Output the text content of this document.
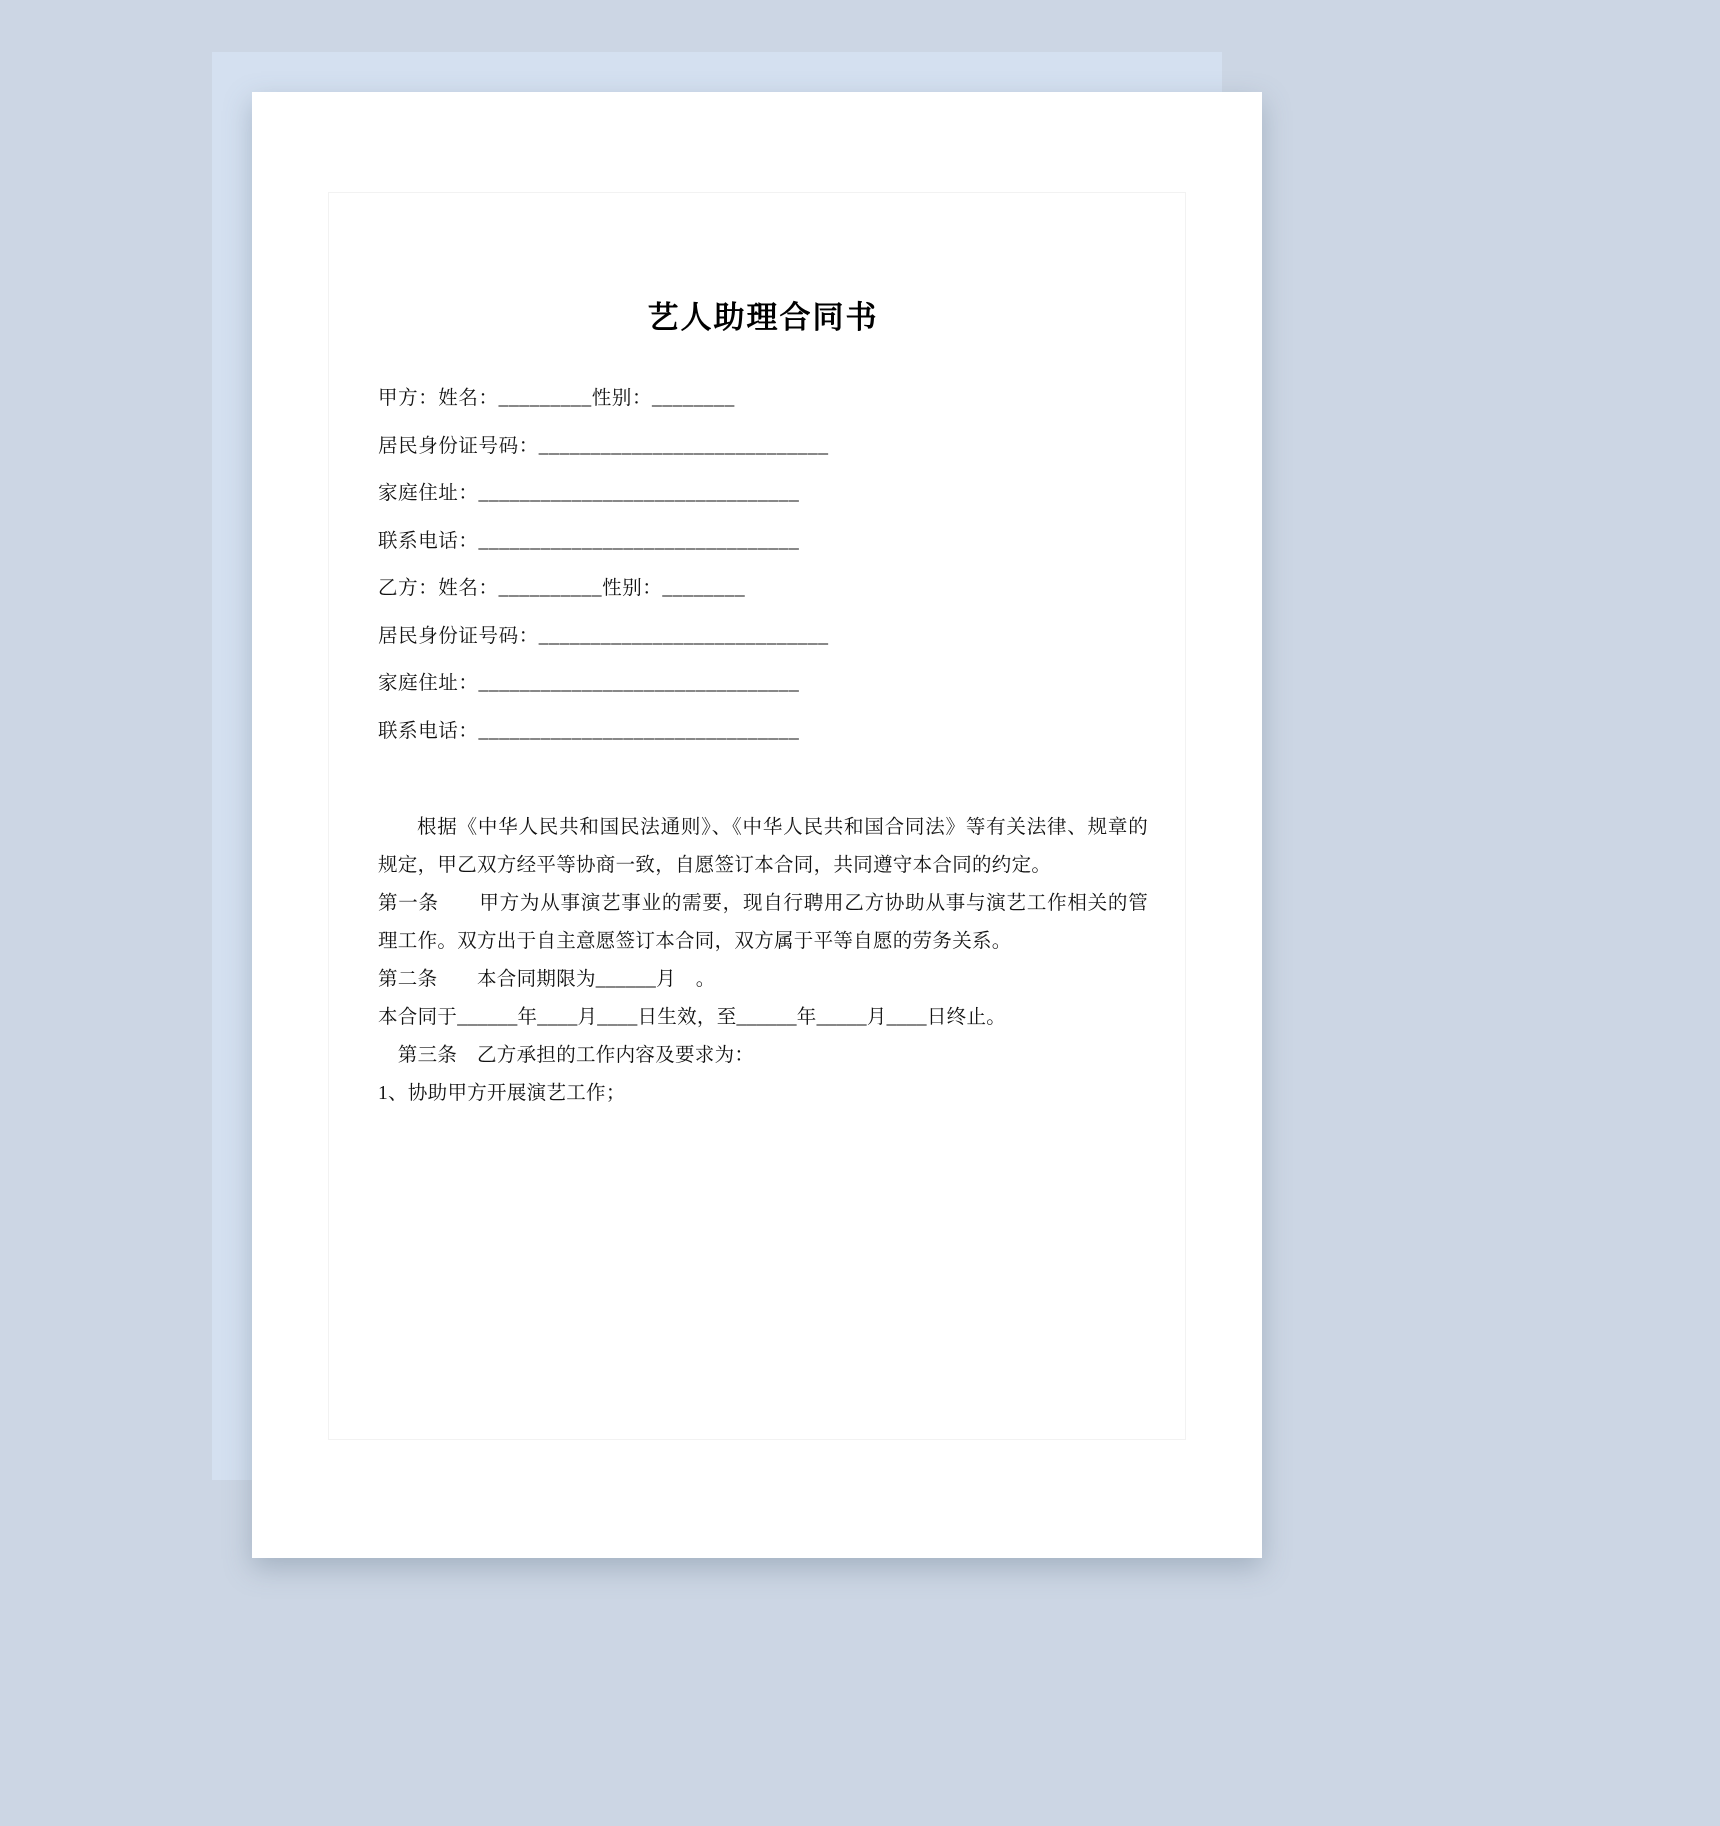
艺人助理合同书

甲方：姓名：_________性别：________

居民身份证号码：____________________________

家庭住址：_______________________________

联系电话：_______________________________

乙方：姓名：__________性别：________

居民身份证号码：____________________________

家庭住址：_______________________________

联系电话：_______________________________

根据《中华人民共和国民法通则》、《中华人民共和国合同法》等有关法律、规章的规定，甲乙双方经平等协商一致，自愿签订本合同，共同遵守本合同的约定。

第一条　　甲方为从事演艺事业的需要，现自行聘用乙方协助从事与演艺工作相关的管理工作。双方出于自主意愿签订本合同，双方属于平等自愿的劳务关系。

第二条　　本合同期限为______月　。

本合同于______年____月____日生效，至______年_____月____日终止。

　第三条　乙方承担的工作内容及要求为：

1、协助甲方开展演艺工作；
